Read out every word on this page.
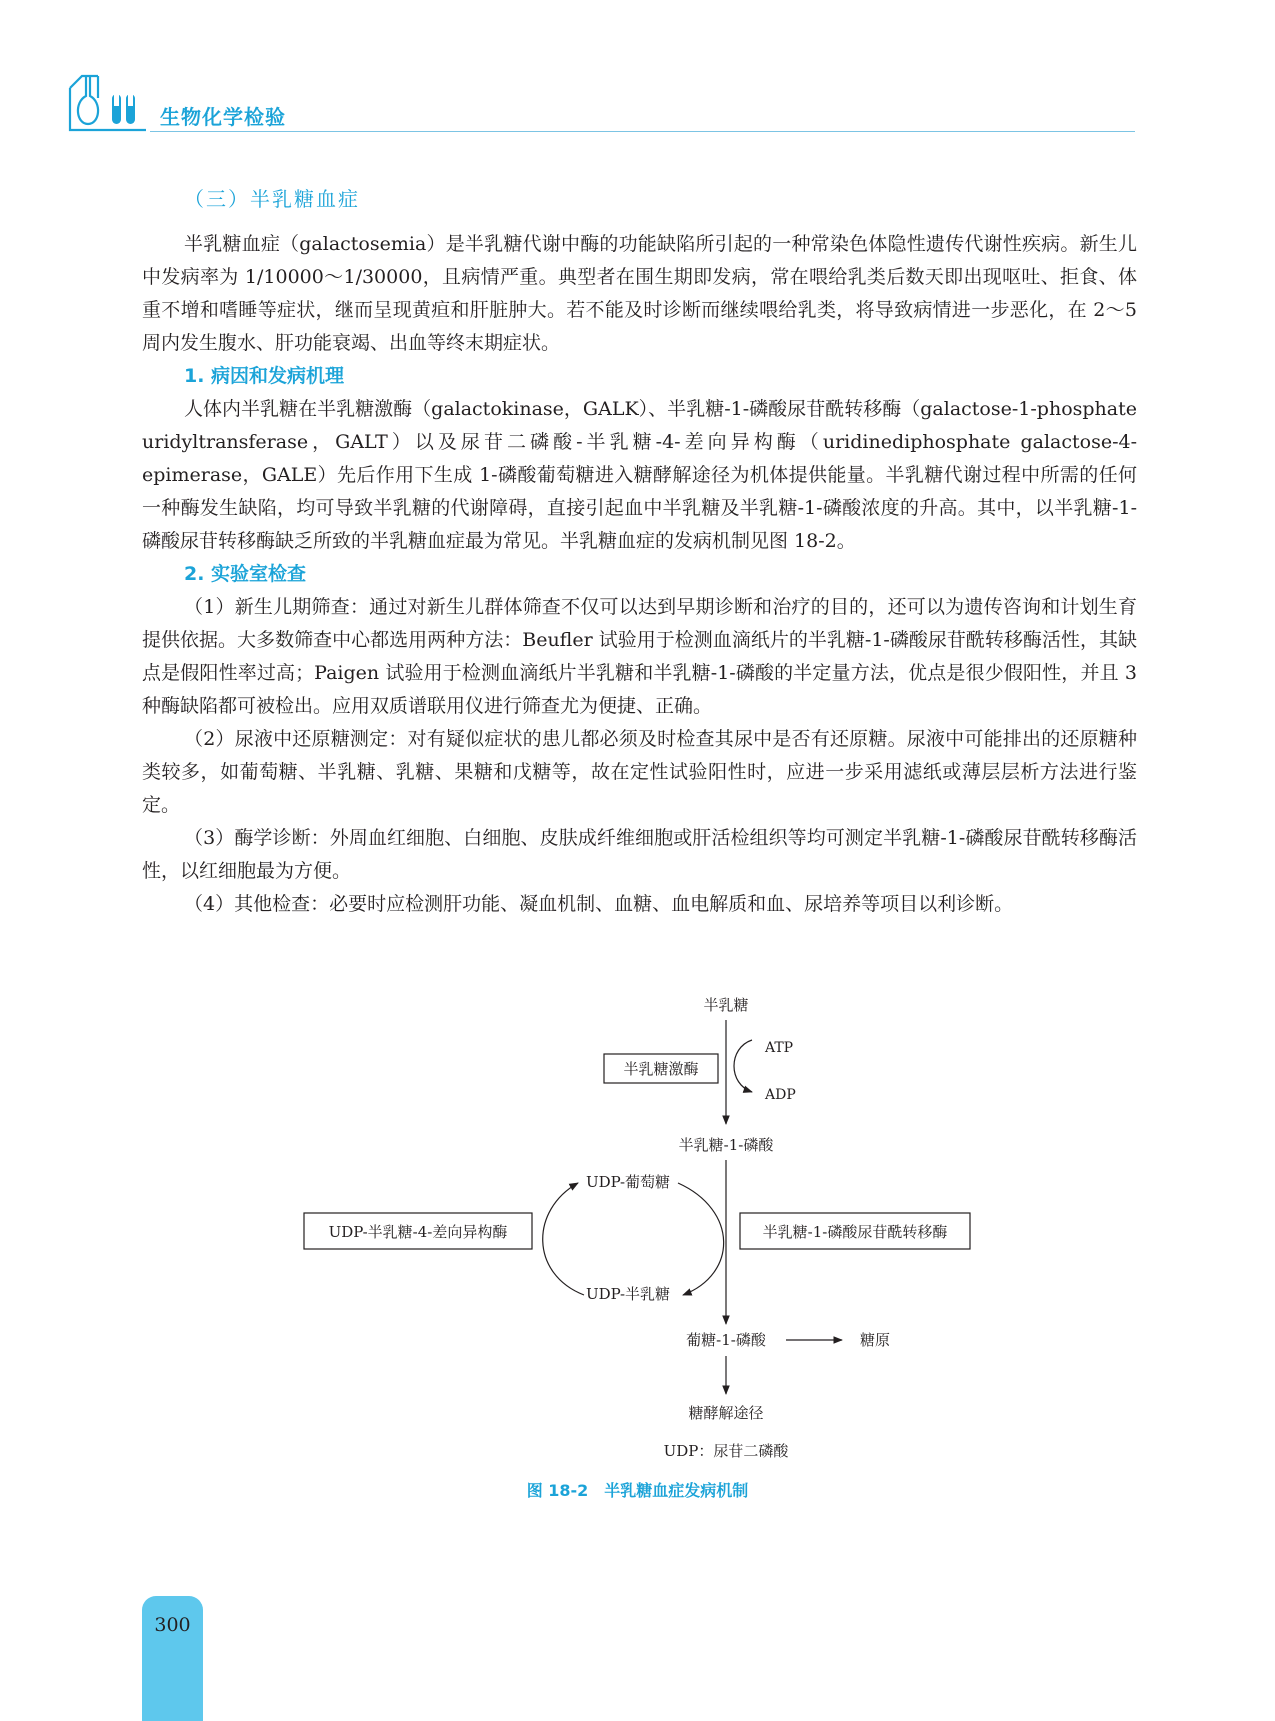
生物化学检验

（三）半乳糖血症

半乳糖血症（galactosemia）是半乳糖代谢中酶的功能缺陷所引起的一种常染色体隐性遗传代谢性疾病。新生儿中发病率为 1/10000～1/30000，且病情严重。典型者在围生期即发病，常在喂给乳类后数天即出现呕吐、拒食、体重不增和嗜睡等症状，继而呈现黄疸和肝脏肿大。若不能及时诊断而继续喂给乳类，将导致病情进一步恶化，在 2～5 周内发生腹水、肝功能衰竭、出血等终末期症状。

1. 病因和发病机理

人体内半乳糖在半乳糖激酶（galactokinase，GALK）、半乳糖-1-磷酸尿苷酰转移酶（galactose-1-phosphate uridyltransferase，GALT）以及尿苷二磷酸-半乳糖-4-差向异构酶（uridinediphosphate galactose-4-epimerase，GALE）先后作用下生成 1-磷酸葡萄糖进入糖酵解途径为机体提供能量。半乳糖代谢过程中所需的任何一种酶发生缺陷，均可导致半乳糖的代谢障碍，直接引起血中半乳糖及半乳糖-1-磷酸浓度的升高。其中，以半乳糖-1-磷酸尿苷转移酶缺乏所致的半乳糖血症最为常见。半乳糖血症的发病机制见图 18-2。

2. 实验室检查

（1）新生儿期筛查：通过对新生儿群体筛查不仅可以达到早期诊断和治疗的目的，还可以为遗传咨询和计划生育提供依据。大多数筛查中心都选用两种方法：Beufler 试验用于检测血滴纸片的半乳糖-1-磷酸尿苷酰转移酶活性，其缺点是假阳性率过高；Paigen 试验用于检测血滴纸片半乳糖和半乳糖-1-磷酸的半定量方法，优点是很少假阳性，并且 3 种酶缺陷都可被检出。应用双质谱联用仪进行筛查尤为便捷、正确。

（2）尿液中还原糖测定：对有疑似症状的患儿都必须及时检查其尿中是否有还原糖。尿液中可能排出的还原糖种类较多，如葡萄糖、半乳糖、乳糖、果糖和戊糖等，故在定性试验阳性时，应进一步采用滤纸或薄层层析方法进行鉴定。

（3）酶学诊断：外周血红细胞、白细胞、皮肤成纤维细胞或肝活检组织等均可测定半乳糖-1-磷酸尿苷酰转移酶活性，以红细胞最为方便。

（4）其他检查：必要时应检测肝功能、凝血机制、血糖、血电解质和血、尿培养等项目以利诊断。

半乳糖
半乳糖激酶
ATP
ADP
半乳糖-1-磷酸
UDP-葡萄糖
UDP-半乳糖
UDP-半乳糖-4-差向异构酶	半乳糖-1-磷酸尿苷酰转移酶
葡糖-1-磷酸	糖原
糖酵解途径
UDP：尿苷二磷酸
图 18-2　半乳糖血症发病机制
300
